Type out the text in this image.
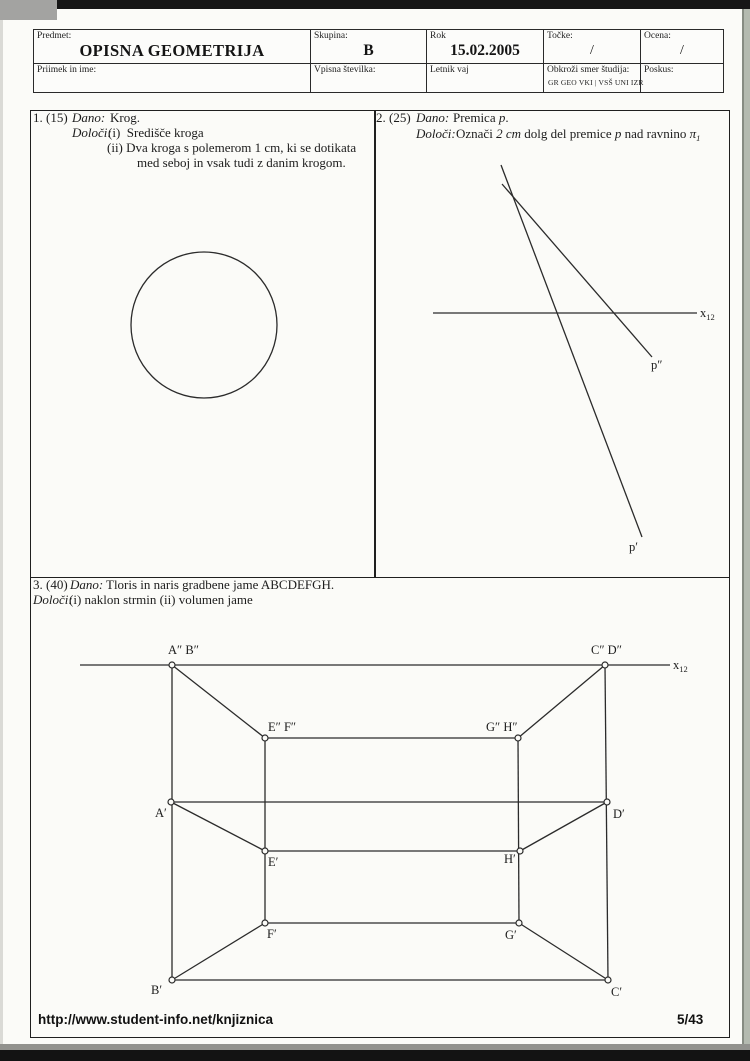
Predmet:
OPISNA GEOMETRIJA
Skupina:
B
Rok
15.02.2005
Točke:
/
Ocena:
/
Priimek in ime:	Vpisna številka:	Letnik vaj	Obkroži smer študija:
GR GEO VKI | VSŠ UNI IZR
Poskus:
1. (15) Dano: Krog.
Določi:
(i)  Središče kroga
(ii) Dva kroga s polemerom 1 cm, ki se dotikata
med seboj in vsak tudi z danim krogom.
2. (25) Dano: Premica p.
Določi: Označi 2 cm dolg del premice p nad ravnino $\pi_1$
3. (40) Dano: Tloris in naris gradbene jame ABCDEFGH.
Določi:
(i) naklon strmin (ii) volumen jame
$x_{12}$
p″
p′
$x_{12}$
A″ B″	C″ D″
E″ F″	G″ H″
A′	D′
E′	H′
F′	G′
B′	C′
http://www.student-info.net/knjiznica	5/43
